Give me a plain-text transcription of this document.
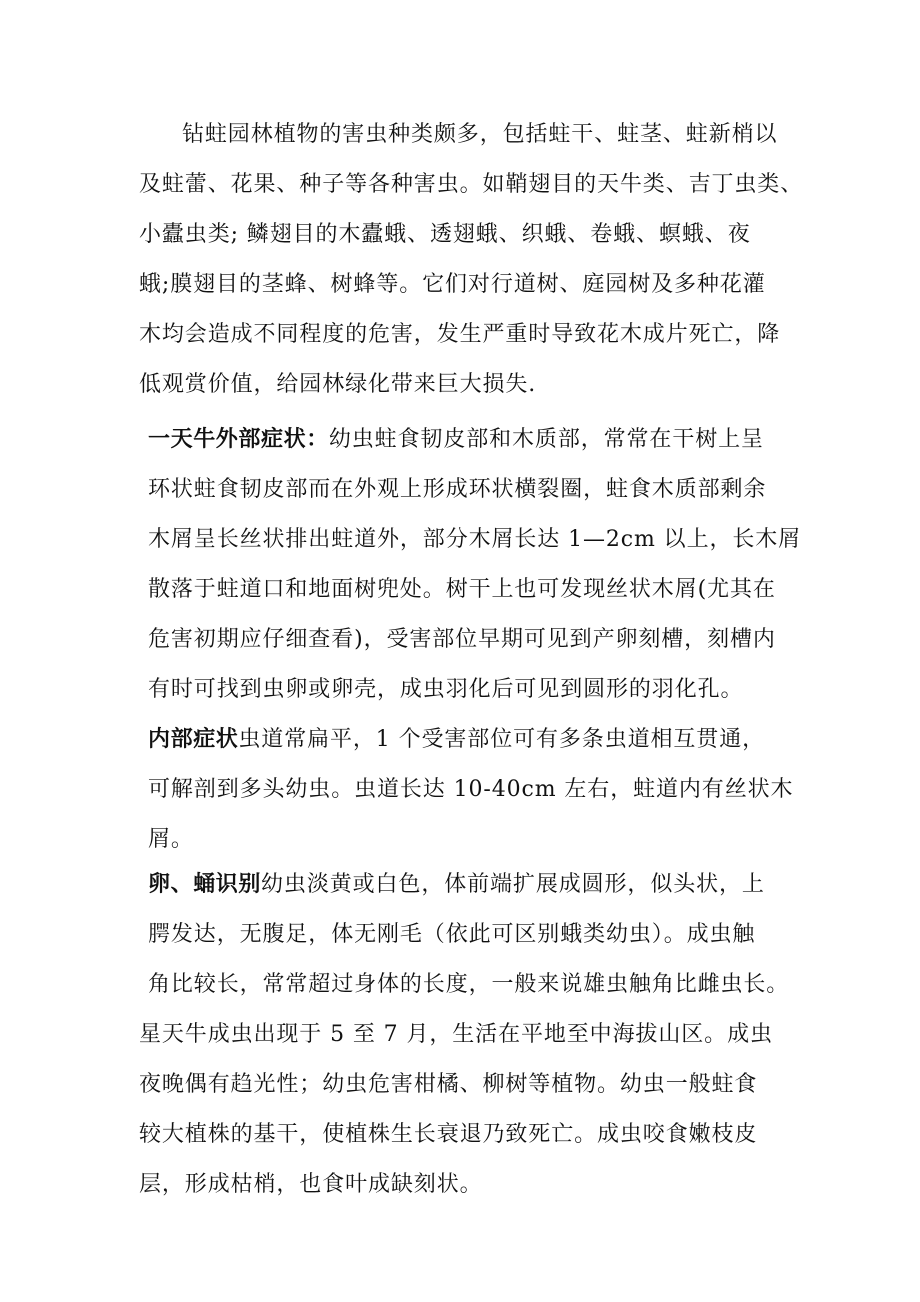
钻蛀园林植物的害虫种类颇多，包括蛀干、蛀茎、蛀新梢以
及蛀蕾、花果、种子等各种害虫。如鞘翅目的天牛类、吉丁虫类、
小蠹虫类; 鳞翅目的木蠹蛾、透翅蛾、织蛾、卷蛾、螟蛾、夜
蛾;膜翅目的茎蜂、树蜂等。它们对行道树、庭园树及多种花灌
木均会造成不同程度的危害，发生严重时导致花木成片死亡，降
低观赏价值，给园林绿化带来巨大损失.
一天牛外部症状：幼虫蛀食韧皮部和木质部，常常在干树上呈
环状蛀食韧皮部而在外观上形成环状横裂圈，蛀食木质部剩余
木屑呈长丝状排出蛀道外，部分木屑长达 1—2cm 以上，长木屑
散落于蛀道口和地面树兜处。树干上也可发现丝状木屑(尤其在
危害初期应仔细查看)，受害部位早期可见到产卵刻槽，刻槽内
有时可找到虫卵或卵壳，成虫羽化后可见到圆形的羽化孔。
内部症状虫道常扁平，1 个受害部位可有多条虫道相互贯通，
可解剖到多头幼虫。虫道长达 10-40cm 左右，蛀道内有丝状木
屑。
卵、蛹识别幼虫淡黄或白色，体前端扩展成圆形，似头状，上
腭发达，无腹足，体无刚毛（依此可区别蛾类幼虫）。成虫触
角比较长，常常超过身体的长度，一般来说雄虫触角比雌虫长。
星天牛成虫出现于 5 至 7 月，生活在平地至中海拔山区。成虫
夜晚偶有趋光性；幼虫危害柑橘、柳树等植物。幼虫一般蛀食
较大植株的基干，使植株生长衰退乃致死亡。成虫咬食嫩枝皮
层，形成枯梢，也食叶成缺刻状。
